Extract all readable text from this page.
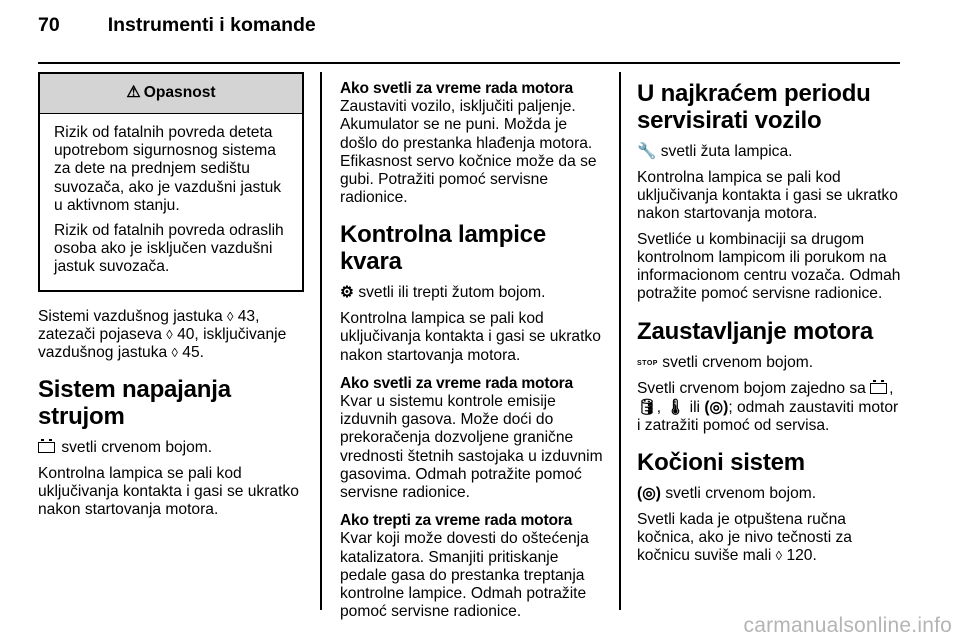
70 Instrumenti i komande
⚠ Opasnost

Rizik od fatalnih povreda deteta upotrebom sigurnosnog sistema za dete na prednjem sedištu suvozača, ako je vazdušni jastuk u aktivnom stanju.

Rizik od fatalnih povreda odraslih osoba ako je isključen vazdušni jastuk suvozača.

Sistemi vazdušnog jastuka ◊ 43, zatezači pojaseva ◊ 40, isključivanje vazdušnog jastuka ◊ 45.

Sistem napajanja strujom

svetli crvenom bojom.

Kontrolna lampica se pali kod uključivanja kontakta i gasi se ukratko nakon startovanja motora.

Ako svetli za vreme rada motora

Zaustaviti vozilo, isključiti paljenje. Akumulator se ne puni. Možda je došlo do prestanka hlađenja motora. Efikasnost servo kočnice može da se gubi. Potražiti pomoć servisne radionice.

Kontrolna lampice kvara

⚙ svetli ili trepti žutom bojom.

Kontrolna lampica se pali kod uključivanja kontakta i gasi se ukratko nakon startovanja motora.

Ako svetli za vreme rada motora

Kvar u sistemu kontrole emisije izduvnih gasova. Može doći do prekoračenja dozvoljene granične vrednosti štetnih sastojaka u izduvnim gasovima. Odmah potražite pomoć servisne radionice.

Ako trepti za vreme rada motora

Kvar koji može dovesti do oštećenja katalizatora. Smanjiti pritiskanje pedale gasa do prestanka treptanja kontrolne lampice. Odmah potražite pomoć servisne radionice.

U najkraćem periodu servisirati vozilo

🔧 svetli žuta lampica.

Kontrolna lampica se pali kod uključivanja kontakta i gasi se ukratko nakon startovanja motora.

Svetliće u kombinaciji sa drugom kontrolnom lampicom ili porukom na informacionom centru vozača. Odmah potražite pomoć servisne radionice.

Zaustavljanje motora

STOP svetli crvenom bojom.

Svetli crvenom bojom zajedno sa , 🛢, 🌡 ili (◎); odmah zaustaviti motor i zatražiti pomoć od servisa.

Kočioni sistem

(◎) svetli crvenom bojom.

Svetli kada je otpuštena ručna kočnica, ako je nivo tečnosti za kočnicu suviše mali ◊ 120.

carmanualsonline.info
